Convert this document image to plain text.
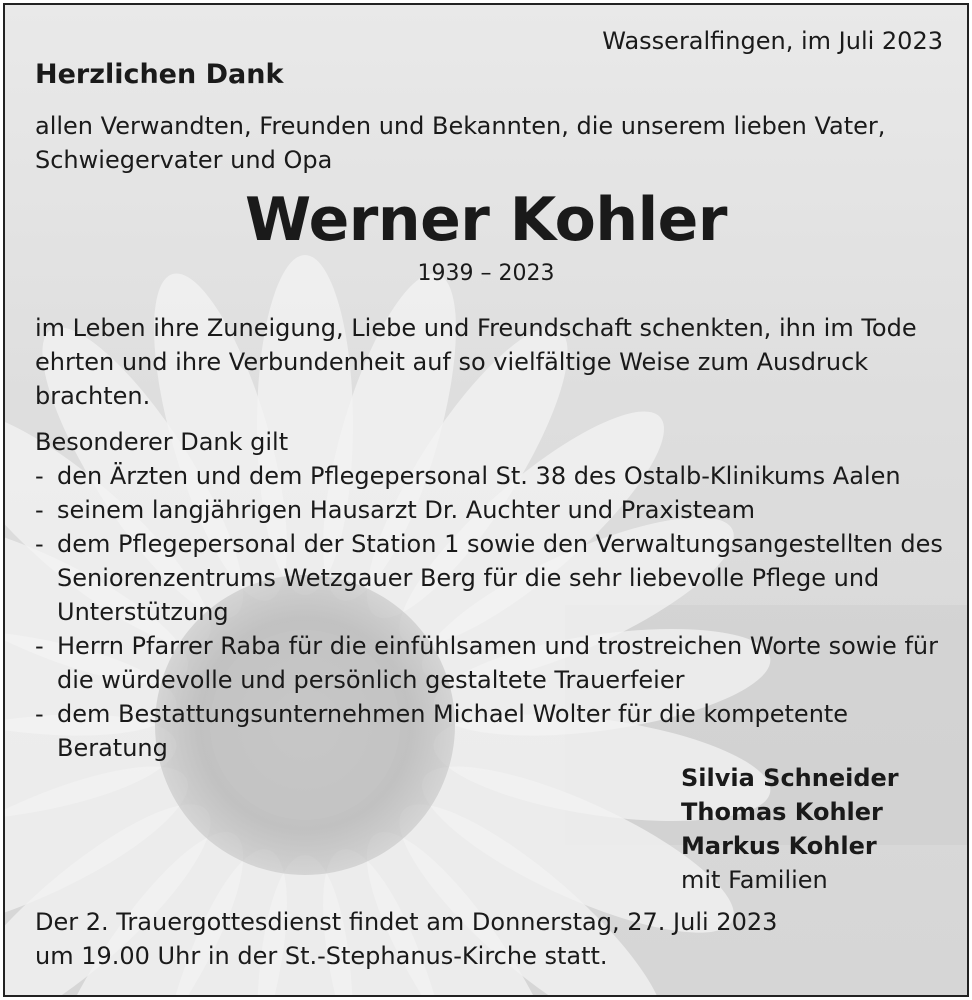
Wasseralfingen, im Juli 2023
Herzlichen Dank
allen Verwandten, Freunden und Bekannten, die unserem lieben Vater, Schwiegervater und Opa
Werner Kohler
1939 – 2023
im Leben ihre Zuneigung, Liebe und Freundschaft schenkten, ihn im Tode ehrten und ihre Verbundenheit auf so vielfältige Weise zum Ausdruck brachten.
Besonderer Dank gilt
- den Ärzten und dem Pflegepersonal St. 38 des Ostalb-Klinikums Aalen
- seinem langjährigen Hausarzt Dr. Auchter und Praxisteam
- dem Pflegepersonal der Station 1 sowie den Verwaltungsangestellten des Seniorenzentrums Wetzgauer Berg für die sehr liebevolle Pflege und Unterstützung
- Herrn Pfarrer Raba für die einfühlsamen und trostreichen Worte sowie für die würdevolle und persönlich gestaltete Trauerfeier
- dem Bestattungsunternehmen Michael Wolter für die kompetente Beratung
Silvia Schneider
Thomas Kohler
Markus Kohler
mit Familien
Der 2. Trauergottesdienst findet am Donnerstag, 27. Juli 2023
um 19.00 Uhr in der St.-Stephanus-Kirche statt.
